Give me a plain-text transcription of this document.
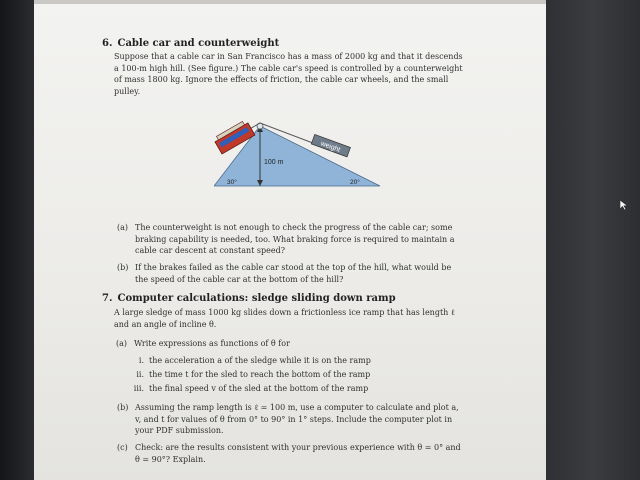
6. Cable car and counterweight
Suppose that a cable car in San Francisco has a mass of 2000 kg and that it descends
a 100-m high hill. (See figure.) The cable car's speed is controlled by a counterweight
of mass 1800 kg. Ignore the effects of friction, the cable car wheels, and the small
pulley.
weight
100 m
30°	20°
(a) The counterweight is not enough to check the progress of the cable car; some
braking capability is needed, too. What braking force is required to maintain a
cable car descent at constant speed?
(b) If the brakes failed as the cable car stood at the top of the hill, what would be
the speed of the cable car at the bottom of the hill?
7. Computer calculations: sledge sliding down ramp
A large sledge of mass 1000 kg slides down a frictionless ice ramp that has length ℓ
and an angle of incline θ.
(a) Write expressions as functions of θ for
i. the acceleration a of the sledge while it is on the ramp
ii. the time t for the sled to reach the bottom of the ramp
iii. the final speed v of the sled at the bottom of the ramp
(b) Assuming the ramp length is ℓ = 100 m, use a computer to calculate and plot a,
v, and t for values of θ from 0° to 90° in 1° steps. Include the computer plot in
your PDF submission.
(c) Check: are the results consistent with your previous experience with θ = 0° and
θ = 90°? Explain.
